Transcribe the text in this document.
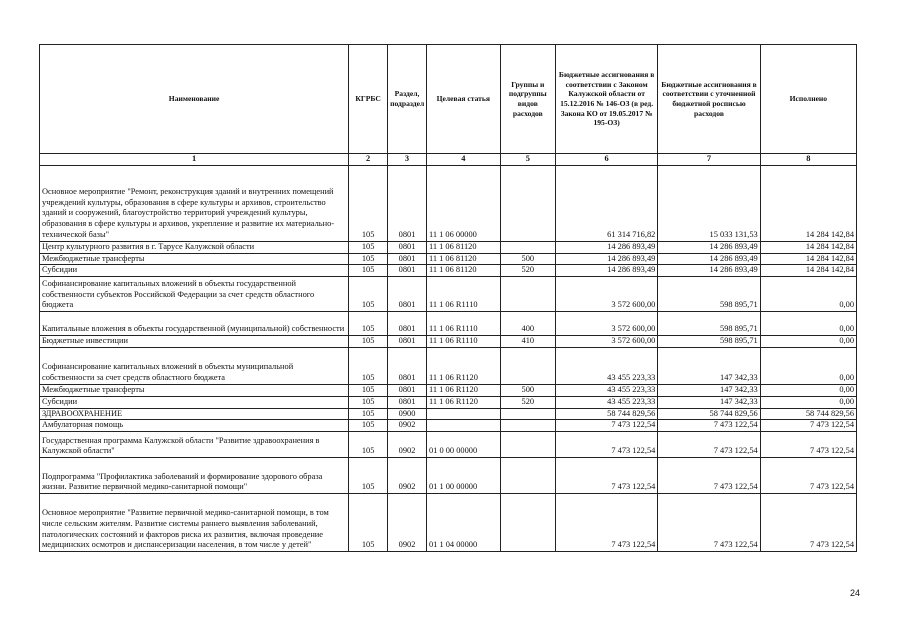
Наименование	КГРБС	Раздел, подраздел	Целевая статья	Группы и подгруппы видов расходов	Бюджетные ассигнования в соответствии с Законом Калужской области от 15.12.2016 № 146-ОЗ (в ред. Закона КО от 19.05.2017 № 195-ОЗ)	Бюджетные ассигнования в соответствии с уточненной бюджетной росписью расходов	Исполнено
1	2	3	4	5	6	7	8
Основное мероприятие "Ремонт, реконструкция зданий и внутренних помещений учреждений культуры, образования в сфере культуры и архивов, строительство зданий и сооружений, благоустройство территорий учреждений культуры, образования в сфере культуры и архивов, укрепление и развитие их материально-технической базы"	105	0801	11 1 06 00000		61 314 716,82	15 033 131,53	14 284 142,84
Центр культурного развития в г. Тарусе Калужской области	105	0801	11 1 06 81120		14 286 893,49	14 286 893,49	14 284 142,84
Межбюджетные трансферты	105	0801	11 1 06 81120	500	14 286 893,49	14 286 893,49	14 284 142,84
Субсидии	105	0801	11 1 06 81120	520	14 286 893,49	14 286 893,49	14 284 142,84
Софинансирование капитальных вложений в объекты государственной собственности субъектов Российской Федерации за счет средств областного бюджета	105	0801	11 1 06 R1110		3 572 600,00	598 895,71	0,00
Капитальные вложения в объекты государственной (муниципальной) собственности	105	0801	11 1 06 R1110	400	3 572 600,00	598 895,71	0,00
Бюджетные инвестиции	105	0801	11 1 06 R1110	410	3 572 600,00	598 895,71	0,00
Софинансирование капитальных вложений в объекты муниципальной собственности за счет средств областного бюджета	105	0801	11 1 06 R1120		43 455 223,33	147 342,33	0,00
Межбюджетные трансферты	105	0801	11 1 06 R1120	500	43 455 223,33	147 342,33	0,00
Субсидии	105	0801	11 1 06 R1120	520	43 455 223,33	147 342,33	0,00
ЗДРАВООХРАНЕНИЕ	105	0900			58 744 829,56	58 744 829,56	58 744 829,56
Амбулаторная помощь	105	0902			7 473 122,54	7 473 122,54	7 473 122,54
Государственная программа Калужской области "Развитие здравоохранения в Калужской области"	105	0902	01 0 00 00000		7 473 122,54	7 473 122,54	7 473 122,54
Подпрограмма "Профилактика заболеваний и формирование здорового образа жизни. Развитие первичной медико-санитарной помощи"	105	0902	01 1 00 00000		7 473 122,54	7 473 122,54	7 473 122,54
Основное мероприятие "Развитие первичной медико-санитарной помощи, в том числе сельским жителям. Развитие системы раннего выявления заболеваний, патологических состояний и факторов риска их развития, включая проведение медицинских осмотров и диспансеризации населения, в том числе у детей"	105	0902	01 1 04 00000		7 473 122,54	7 473 122,54	7 473 122,54
24
